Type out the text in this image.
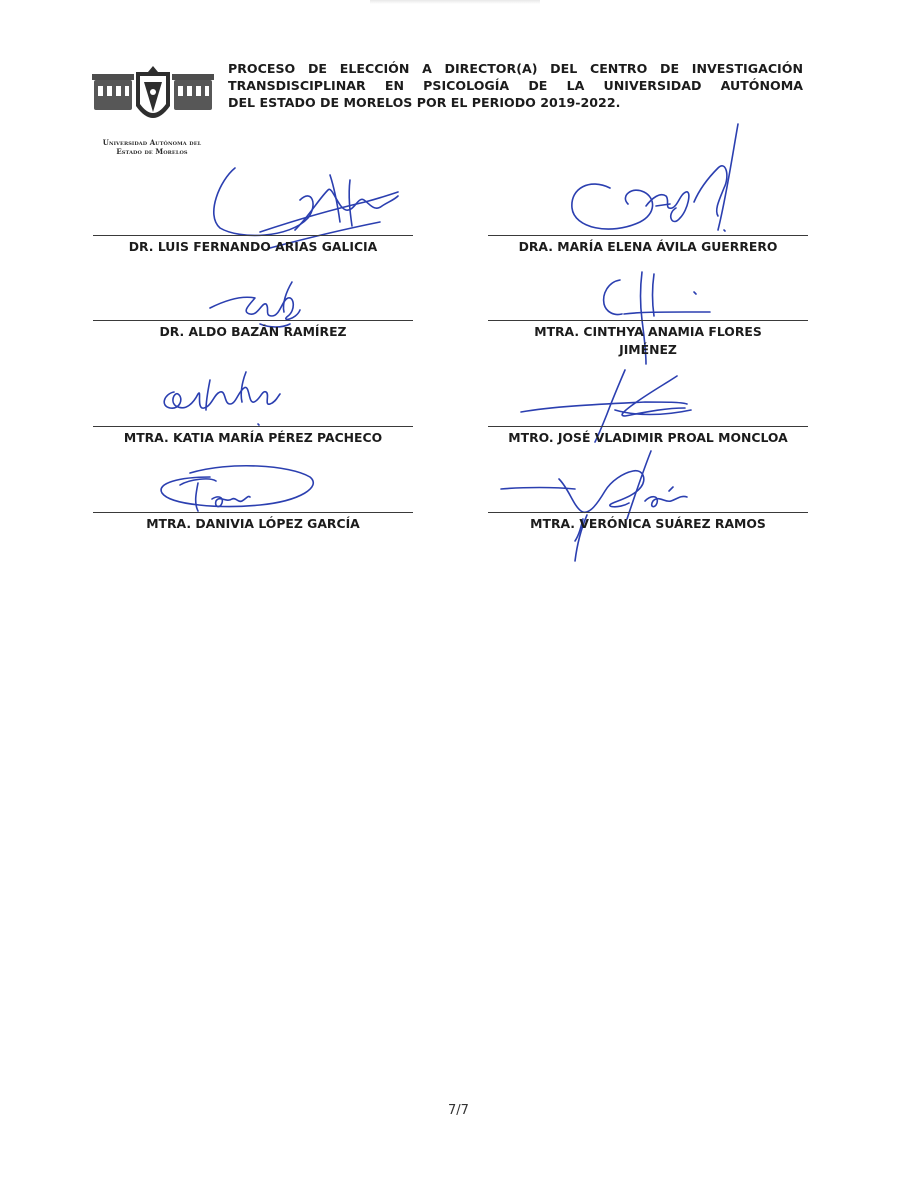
Universidad Autónoma del
Estado de Morelos
PROCESO DE ELECCIÓN A DIRECTOR(A) DEL CENTRO DE INVESTIGACIÓN
TRANSDISCIPLINAR EN PSICOLOGÍA DE LA UNIVERSIDAD AUTÓNOMA
DEL ESTADO DE MORELOS POR EL PERIODO 2019-2022.
DR. LUIS FERNANDO ARIAS GALICIA
DR. ALDO BAZÁN RAMÍREZ
MTRA. KATIA MARÍA PÉREZ PACHECO
MTRA. DANIVIA LÓPEZ GARCÍA
DRA. MARÍA ELENA ÁVILA GUERRERO
MTRA. CINTHYA ANAMIA FLORES
JIMÉNEZ
MTRO. JOSÉ VLADIMIR PROAL MONCLOA
MTRA. VERÓNICA SUÁREZ RAMOS
7/7
